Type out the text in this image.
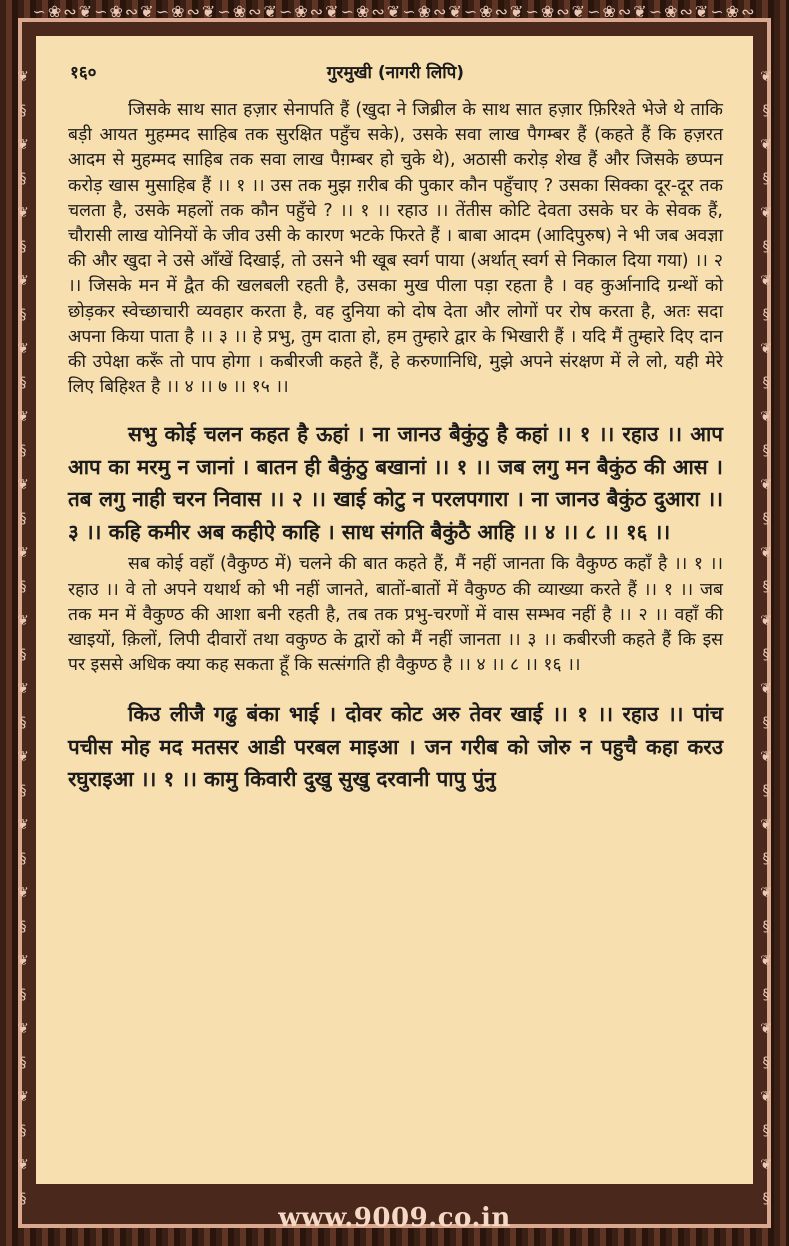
∽❀∾❦∽❀∾❦∽❀∾❦∽❀∾❦∽❀∾❦∽❀∾❦∽❀∾❦∽❀∾❦∽❀∾❦∽❀∾❦∽❀∾❦∽❀∾
❦ § ❦ § ❦ § ❦ § ❦ § ❦ § ❦ § ❦ § ❦ § ❦ § ❦ § ❦ § ❦ § ❦ § ❦ § ❦ § ❦ §
❦ § ❦ § ❦ § ❦ § ❦ § ❦ § ❦ § ❦ § ❦ § ❦ § ❦ § ❦ § ❦ § ❦ § ❦ § ❦ § ❦ §
१६०	गुरमुखी (नागरी लिपि)

जिसके साथ सात हज़ार सेनापति हैं (खुदा ने जिब्रील के साथ सात हज़ार फ़िरिश्ते भेजे थे ताकि बड़ी आयत मुहम्मद साहिब तक सुरक्षित पहुँच सके), उसके सवा लाख पैगम्बर हैं (कहते हैं कि हज़रत आदम से मुहम्मद साहिब तक सवा लाख पैग़म्बर हो चुके थे), अठासी करोड़ शेख हैं और जिसके छप्पन करोड़ खास मुसाहिब हैं ।। १ ।। उस तक मुझ ग़रीब की पुकार कौन पहुँचाए ? उसका सिक्का दूर-दूर तक चलता है, उसके महलों तक कौन पहुँचे ? ।। १ ।। रहाउ ।। तेंतीस कोटि देवता उसके घर के सेवक हैं, चौरासी लाख योनियों के जीव उसी के कारण भटके फिरते हैं । बाबा आदम (आदिपुरुष) ने भी जब अवज्ञा की और खुदा ने उसे आँखें दिखाई, तो उसने भी खूब स्वर्ग पाया (अर्थात् स्वर्ग से निकाल दिया गया) ।। २ ।। जिसके मन में द्वैत की खलबली रहती है, उसका मुख पीला पड़ा रहता है । वह कुर्आनादि ग्रन्थों को छोड़कर स्वेच्छाचारी व्यवहार करता है, वह दुनिया को दोष देता और लोगों पर रोष करता है, अतः सदा अपना किया पाता है ।। ३ ।। हे प्रभु, तुम दाता हो, हम तुम्हारे द्वार के भिखारी हैं । यदि मैं तुम्हारे दिए दान की उपेक्षा करूँ तो पाप होगा । कबीरजी कहते हैं, हे करुणानिधि, मुझे अपने संरक्षण में ले लो, यही मेरे लिए बिहिश्त है ।। ४ ।। ७ ।। १५ ।।

सभु कोई चलन कहत है ऊहां । ना जानउ बैकुंठु है कहां ।। १ ।। रहाउ ।। आप आप का मरमु न जानां । बातन ही बैकुंठु बखानां ।। १ ।। जब लगु मन बैकुंठ की आस । तब लगु नाही चरन निवास ।। २ ।। खाई कोटु न परलपगारा । ना जानउ बैकुंठ दुआरा ।। ३ ।। कहि कमीर अब कहीऐ काहि । साध संगति बैकुंठै आहि ।। ४ ।। ८ ।। १६ ।।

सब कोई वहाँ (वैकुण्ठ में) चलने की बात कहते हैं, मैं नहीं जानता कि वैकुण्ठ कहाँ है ।। १ ।। रहाउ ।। वे तो अपने यथार्थ को भी नहीं जानते, बातों-बातों में वैकुण्ठ की व्याख्या करते हैं ।। १ ।। जब तक मन में वैकुण्ठ की आशा बनी रहती है, तब तक प्रभु-चरणों में वास सम्भव नहीं है ।। २ ।। वहाँ की खाइयों, क़िलों, लिपी दीवारों तथा वकुण्ठ के द्वारों को मैं नहीं जानता ।। ३ ।। कबीरजी कहते हैं कि इस पर इससे अधिक क्या कह सकता हूँ कि सत्संगति ही वैकुण्ठ है ।। ४ ।। ८ ।। १६ ।।

किउ लीजै गढु बंका भाई । दोवर कोट अरु तेवर खाई ।। १ ।। रहाउ ।। पांच पचीस मोह मद मतसर आडी परबल माइआ । जन गरीब को जोरु न पहुचै कहा करउ रघुराइआ ।। १ ।। कामु किवारी दुखु सुखु दरवानी पापु पुंनु

www.9009.co.in
